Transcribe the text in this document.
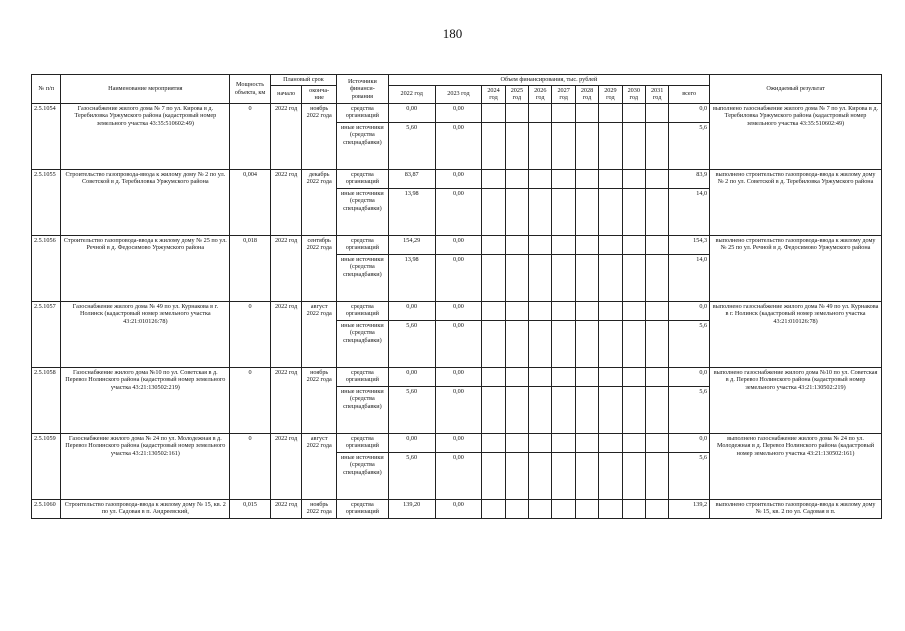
180
№ п/п	Наименование мероприятия	Мощность объекта, км	Плановый срок		Источники финанси- рования	Объем финансирования, тыс. рублей											Ожидаемый результат
			начало	оконча- ние		2022 год	2023 год	2024 год	2025 год	2026 год	2027 год	2028 год	2029 год	2030 год	2031 год	всего	

2.5.1054	Газоснабжение жилого дома № 7 по ул. Кирова в д. Теребиловка Уржумского района (кадастровый номер земельного участка 43:35:510602:49)	0	2022 год	ноябрь 2022 года	средства организаций	0,00	0,00									0,0	выполнено газоснабжение жилого дома № 7 по ул. Кирова в д. Теребиловка Уржумского района (кадастровый номер земельного участка 43:35:510602:49)
					иные источники (средства спецнадбавки)	5,60	0,00									5,6	
2.5.1055	Строительство газопровода-ввода к жилому дому № 2 по ул. Советской в д. Теребиловка Уржумского района	0,004	2022 год	декабрь 2022 года	средства организаций	83,87	0,00									83,9	выполнено строительство газопровода-ввода к жилому дому № 2 по ул. Советской в д. Теребиловка Уржумского района
					иные источники (средства спецнадбавки)	13,98	0,00									14,0	
2.5.1056	Строительство газопровода-ввода к жилому дому № 25 по ул. Речной в д. Федосимово Уржумского района	0,018	2022 год	сентябрь 2022 года	средства организаций	154,29	0,00									154,3	выполнено строительство газопровода-ввода к жилому дому № 25 по ул. Речной в д. Федосимово Уржумского района
					иные источники (средства спецнадбавки)	13,98	0,00									14,0	
2.5.1057	Газоснабжение жилого дома № 49 по ул. Курнакова в г. Нолинск (кадастровый номер земельного участка 43:21:010126:78)	0	2022 год	август 2022 года	средства организаций	0,00	0,00									0,0	выполнено газоснабжение жилого дома № 49 по ул. Курнакова в г. Нолинск (кадастровый номер земельного участка 43:21:010126:78)
					иные источники (средства спецнадбавки)	5,60	0,00									5,6	
2.5.1058	Газоснабжение жилого дома №10 по ул. Советская в д. Перевоз Нолинского района (кадастровый номер земельного участка 43:21:130502:219)	0	2022 год	ноябрь 2022 года	средства организаций	0,00	0,00									0,0	выполнено газоснабжение жилого дома №10 по ул. Советская в д. Перевоз Нолинского района (кадастровый номер земельного участка 43:21:130502:219)
					иные источники (средства спецнадбавки)	5,60	0,00									5,6	
2.5.1059	Газоснабжение жилого дома № 24 по ул. Молодежная в д. Перевоз Нолинского района (кадастровый номер земельного участка 43:21:130502:161)	0	2022 год	август 2022 года	средства организаций	0,00	0,00									0,0	выполнено газоснабжение жилого дома № 24 по ул. Молодежная в д. Перевоз Нолинского района (кадастровый номер земельного участка 43:21:130502:161)
					иные источники (средства спецнадбавки)	5,60	0,00									5,6	
2.5.1060	Строительство газопровода-ввода к жилому дому № 15, кв. 2 по ул. Садовая в п. Андреевский,	0,015	2022 год	ноябрь 2022 года	средства организаций	139,20	0,00									139,2	выполнено строительство газопровода-ввода к жилому дому № 15, кв. 2 по ул. Садовая в п.
